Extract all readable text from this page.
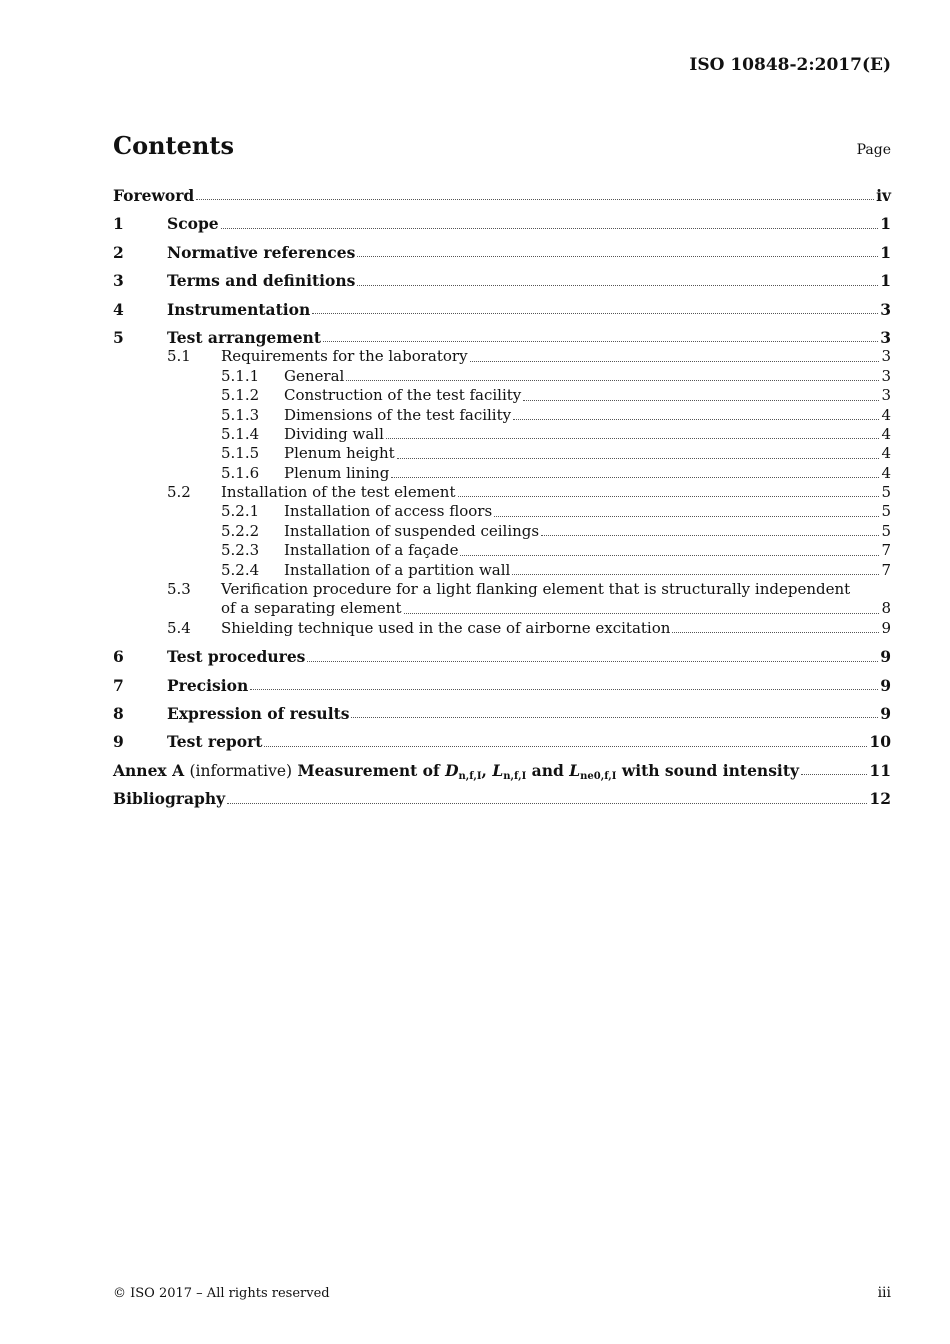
ISO 10848-2:2017(E)
Contents	Page
Foreword	iv
1	Scope	1
2	Normative references	1
3	Terms and definitions	1
4	Instrumentation	3
5	Test arrangement	3
5.1	Requirements for the laboratory	3
5.1.1	General	3
5.1.2	Construction of the test facility	3
5.1.3	Dimensions of the test facility	4
5.1.4	Dividing wall	4
5.1.5	Plenum height	4
5.1.6	Plenum lining	4
5.2	Installation of the test element	5
5.2.1	Installation of access floors	5
5.2.2	Installation of suspended ceilings	5
5.2.3	Installation of a façade	7
5.2.4	Installation of a partition wall	7
5.3	Verification procedure for a light flanking element that is structurally independent
of a separating element	8
5.4	Shielding technique used in the case of airborne excitation	9
6	Test procedures	9
7	Precision	9
8	Expression of results	9
9	Test report	10
Annex A (informative) Measurement of $D_{n,f,I}$, $L_{n,f,I}$ and $L_{ne0,f,I}$ with sound intensity	11
Bibliography	12
© ISO 2017 – All rights reserved	iii
